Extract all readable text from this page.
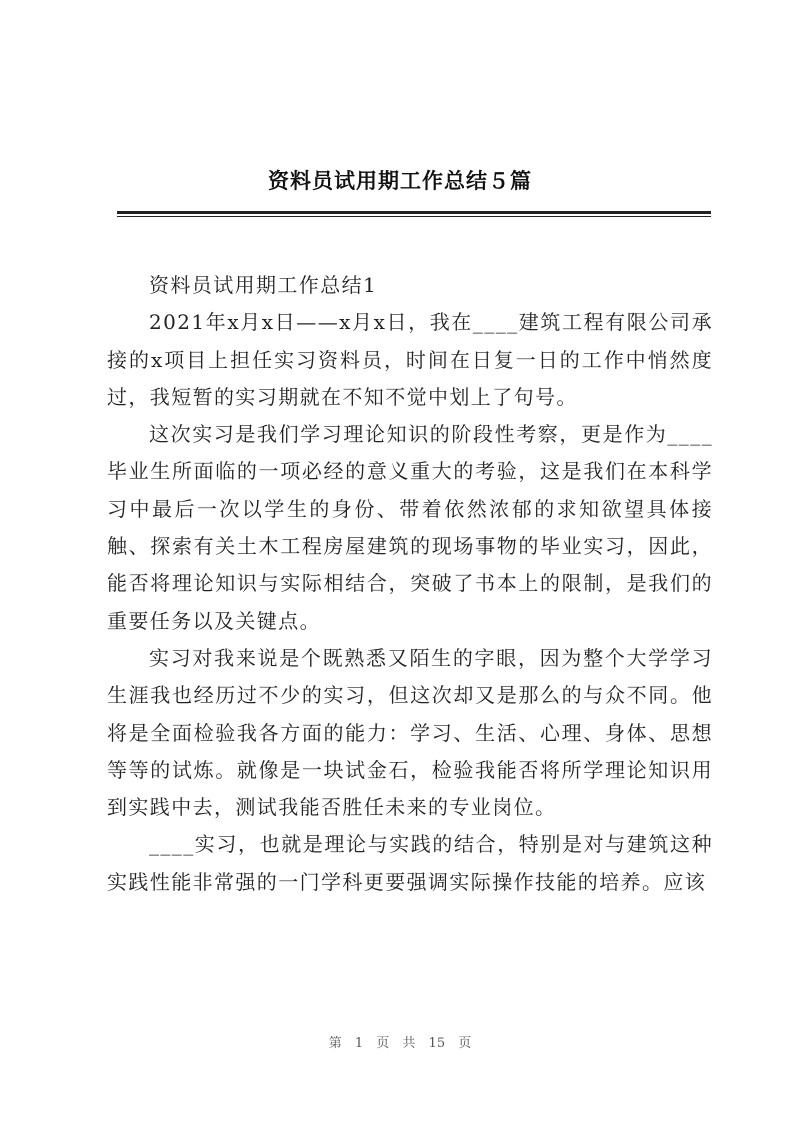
资料员试用期工作总结５篇

资料员试用期工作总结1

2021年x月x日——x月x日，我在____建筑工程有限公司承接的x项目上担任实习资料员，时间在日复一日的工作中悄然度过，我短暂的实习期就在不知不觉中划上了句号。

这次实习是我们学习理论知识的阶段性考察，更是作为____毕业生所面临的一项必经的意义重大的考验，这是我们在本科学习中最后一次以学生的身份、带着依然浓郁的求知欲望具体接触、探索有关土木工程房屋建筑的现场事物的毕业实习，因此，能否将理论知识与实际相结合，突破了书本上的限制，是我们的重要任务以及关键点。

实习对我来说是个既熟悉又陌生的字眼，因为整个大学学习生涯我也经历过不少的实习，但这次却又是那么的与众不同。他将是全面检验我各方面的能力：学习、生活、心理、身体、思想等等的试炼。就像是一块试金石，检验我能否将所学理论知识用到实践中去，测试我能否胜任未来的专业岗位。

____实习，也就是理论与实践的结合，特别是对与建筑这种实践性能非常强的一门学科更要强调实际操作技能的培养。应该

第 1 页 共 15 页
